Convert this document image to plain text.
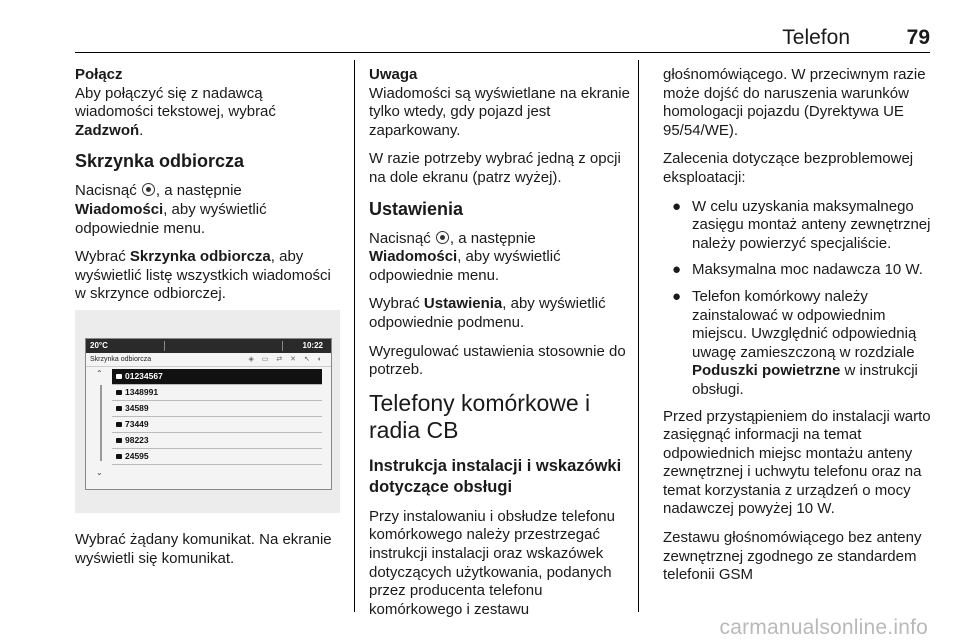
Telefon	79

Połącz
Aby połączyć się z nadawcą wiadomości tekstowej, wybrać Zadzwoń.

Skrzynka odbiorcza

Nacisnąć , a następnie
Wiadomości, aby wyświetlić odpowiednie menu.

Wybrać Skrzynka odbiorcza, aby wyświetlić listę wszystkich wiadomości w skrzynce odbiorczej.

20°C	10:22
Skrzynka odbiorcza	◈ ▭ ⇄ ✕ ↖ ◐
⌃
⌄
01234567
1348991
34589
73449
98223
24595

Wybrać żądany komunikat. Na ekranie wyświetli się komunikat.

Uwaga
Wiadomości są wyświetlane na ekranie tylko wtedy, gdy pojazd jest zaparkowany.

W razie potrzeby wybrać jedną z opcji na dole ekranu (patrz wyżej).

Ustawienia

Nacisnąć , a następnie
Wiadomości, aby wyświetlić odpowiednie menu.

Wybrać Ustawienia, aby wyświetlić odpowiednie podmenu.

Wyregulować ustawienia stosownie do potrzeb.

Telefony komórkowe i radia CB
Instrukcja instalacji i wskazówki dotyczące obsługi

Przy instalowaniu i obsłudze telefonu komórkowego należy przestrzegać instrukcji instalacji oraz wskazówek dotyczących użytkowania, podanych przez producenta telefonu komórkowego i zestawu

głośnomówiącego. W przeciwnym razie może dojść do naruszenia warunków homologacji pojazdu (Dyrektywa UE 95/54/WE).

Zalecenia dotyczące bezproblemowej eksploatacji:

● W celu uzyskania maksymalnego zasięgu montaż anteny zewnętrznej należy powierzyć specjaliście.
● Maksymalna moc nadawcza 10 W.
● Telefon komórkowy należy zainstalować w odpowiednim miejscu. Uwzględnić odpowiednią uwagę zamieszczoną w rozdziale Poduszki powietrzne w instrukcji obsługi.

Przed przystąpieniem do instalacji warto zasięgnąć informacji na temat odpowiednich miejsc montażu anteny zewnętrznej i uchwytu telefonu oraz na temat korzystania z urządzeń o mocy nadawczej powyżej 10 W.

Zestawu głośnomówiącego bez anteny zewnętrznej zgodnego ze standardem telefonii GSM

carmanualsonline.info
